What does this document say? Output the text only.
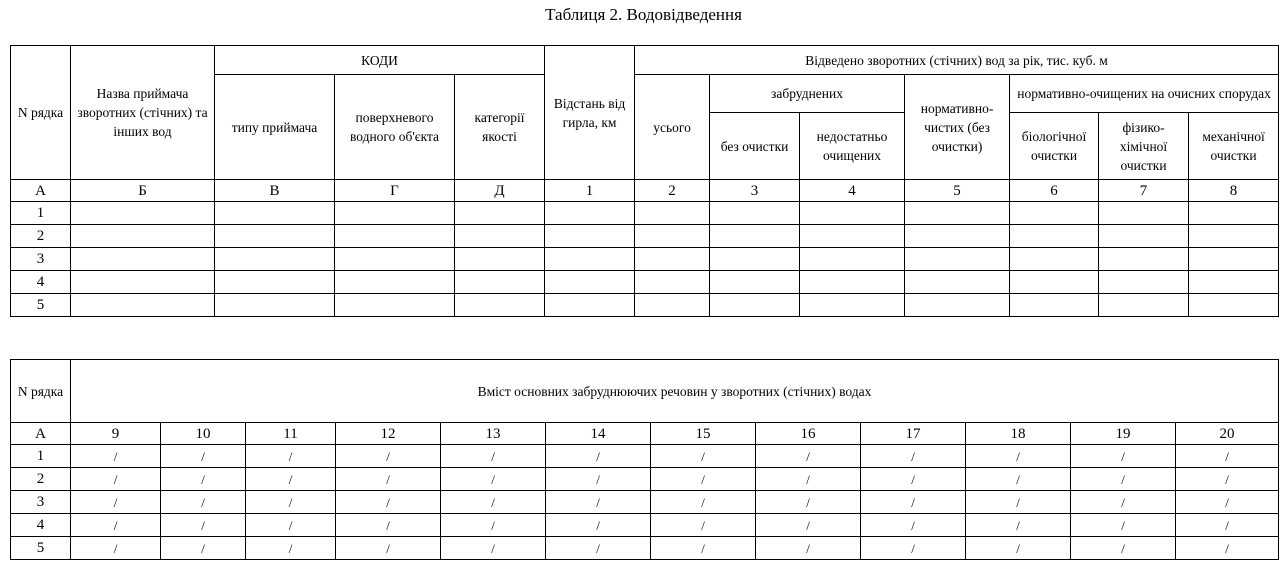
Таблиця 2. Водовідведення
N рядка	Назва приймача зворотних (стічних) та інших вод	КОДИ			Відстань від гирла, км	Відведено зворотних (стічних) вод за рік, тис. куб. м						
		типу приймача	поверхневого водного об'єкта	категорії якості		усього	забруднених		нормативно-чистих (без очистки)	нормативно-очищених на очисних спорудах		
							без очистки	недостатньо очищених		біологічної очистки	фізико-хімічної очистки	механічної очистки
А	Б	В	Г	Д	1	2	3	4	5	6	7	8
1												
2												
3												
4												
5												
N рядка	Вміст основних забруднюючих речовин у зворотних (стічних) водах											
А	9	10	11	12	13	14	15	16	17	18	19	20
1	/	/	/	/	/	/	/	/	/	/	/	/
2	/	/	/	/	/	/	/	/	/	/	/	/
3	/	/	/	/	/	/	/	/	/	/	/	/
4	/	/	/	/	/	/	/	/	/	/	/	/
5	/	/	/	/	/	/	/	/	/	/	/	/
